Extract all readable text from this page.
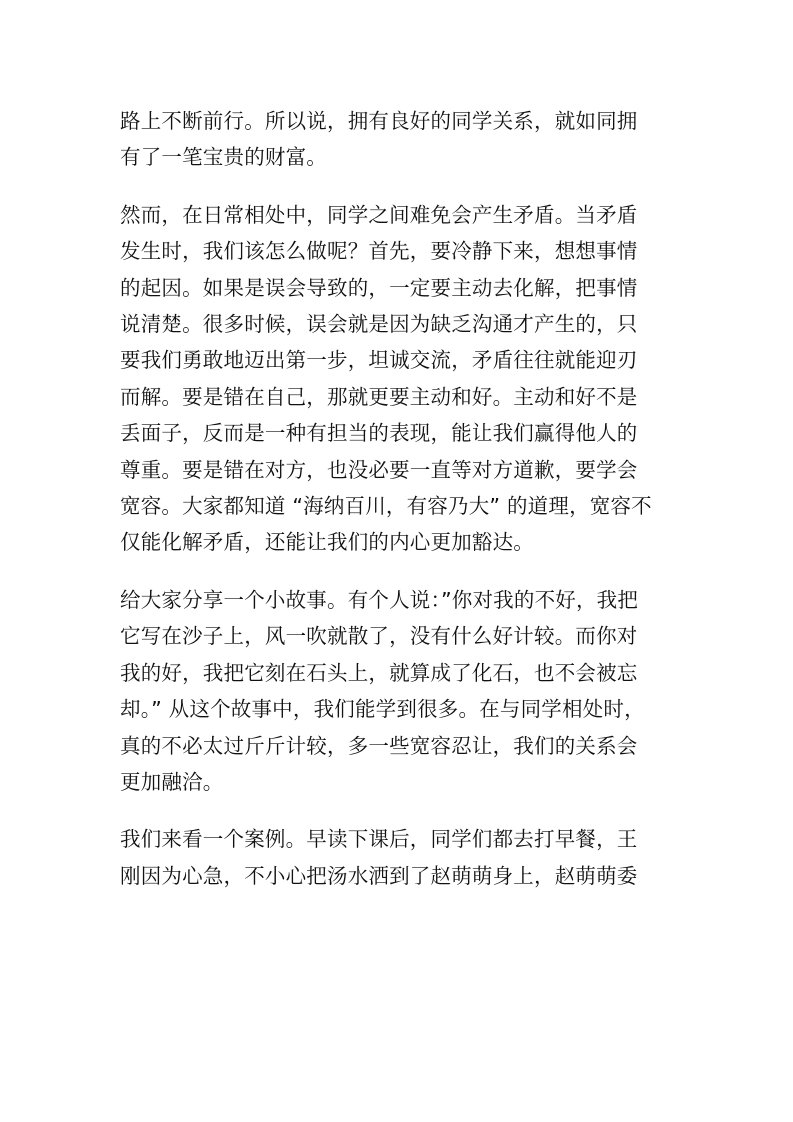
路上不断前行。所以说，拥有良好的同学关系，就如同拥
有了一笔宝贵的财富。
然而，在日常相处中，同学之间难免会产生矛盾。当矛盾
发生时，我们该怎么做呢？首先，要冷静下来，想想事情
的起因。如果是误会导致的，一定要主动去化解，把事情
说清楚。很多时候，误会就是因为缺乏沟通才产生的，只
要我们勇敢地迈出第一步，坦诚交流，矛盾往往就能迎刃
而解。要是错在自己，那就更要主动和好。主动和好不是
丢面子，反而是一种有担当的表现，能让我们赢得他人的
尊重。要是错在对方，也没必要一直等对方道歉，要学会
宽容。大家都知道 “海纳百川，有容乃大” 的道理，宽容不
仅能化解矛盾，还能让我们的内心更加豁达。
给大家分享一个小故事。有个人说：”你对我的不好，我把
它写在沙子上，风一吹就散了，没有什么好计较。而你对
我的好，我把它刻在石头上，就算成了化石，也不会被忘
却。” 从这个故事中，我们能学到很多。在与同学相处时，
真的不必太过斤斤计较，多一些宽容忍让，我们的关系会
更加融洽。
我们来看一个案例。早读下课后，同学们都去打早餐，王
刚因为心急，不小心把汤水洒到了赵萌萌身上，赵萌萌委
